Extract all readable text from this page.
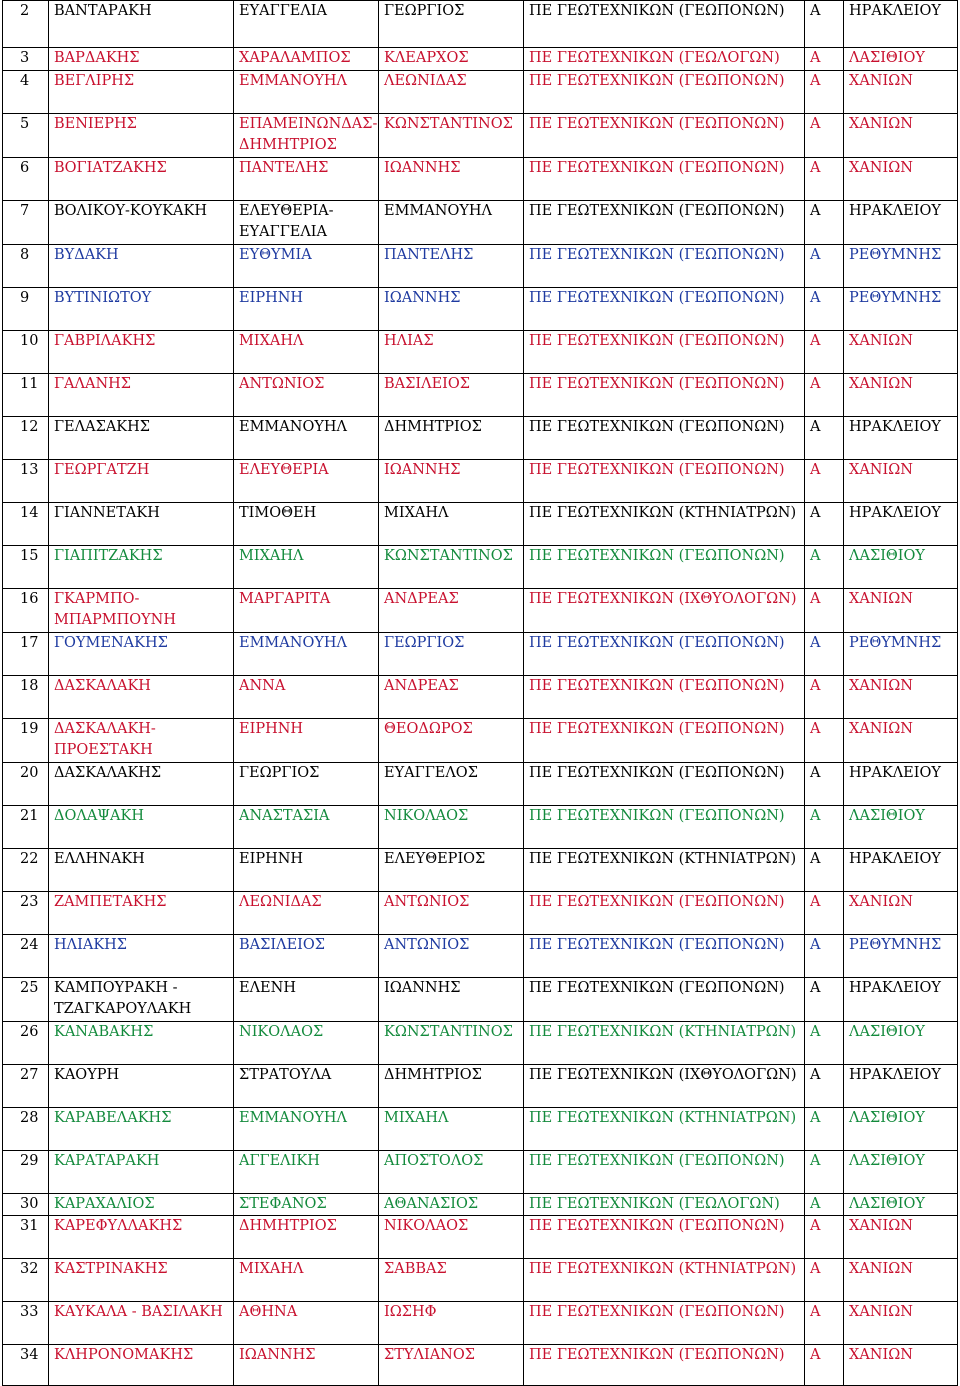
2	ΒΑΝΤΑΡΑΚΗ	ΕΥΑΓΓΕΛΙΑ	ΓΕΩΡΓΙΟΣ	ΠΕ ΓΕΩΤΕΧΝΙΚΩΝ (ΓΕΩΠΟΝΩΝ)	Α	ΗΡΑΚΛΕΙΟΥ
3	ΒΑΡΔΑΚΗΣ	ΧΑΡΑΛΑΜΠΟΣ	ΚΛΕΑΡΧΟΣ	ΠΕ ΓΕΩΤΕΧΝΙΚΩΝ (ΓΕΩΛΟΓΩΝ)	Α	ΛΑΣΙΘΙΟΥ
4	ΒΕΓΛΙΡΗΣ	ΕΜΜΑΝΟΥΗΛ	ΛΕΩΝΙΔΑΣ	ΠΕ ΓΕΩΤΕΧΝΙΚΩΝ (ΓΕΩΠΟΝΩΝ)	Α	ΧΑΝΙΩΝ
5	ΒΕΝΙΕΡΗΣ	ΕΠΑΜΕΙΝΩΝΔΑΣ-ΔΗΜΗΤΡΙΟΣ	ΚΩΝΣΤΑΝΤΙΝΟΣ	ΠΕ ΓΕΩΤΕΧΝΙΚΩΝ (ΓΕΩΠΟΝΩΝ)	Α	ΧΑΝΙΩΝ
6	ΒΟΓΙΑΤΖΑΚΗΣ	ΠΑΝΤΕΛΗΣ	ΙΩΑΝΝΗΣ	ΠΕ ΓΕΩΤΕΧΝΙΚΩΝ (ΓΕΩΠΟΝΩΝ)	Α	ΧΑΝΙΩΝ
7	ΒΟΛΙΚΟΥ-ΚΟΥΚΑΚΗ	ΕΛΕΥΘΕΡΙΑ-ΕΥΑΓΓΕΛΙΑ	ΕΜΜΑΝΟΥΗΛ	ΠΕ ΓΕΩΤΕΧΝΙΚΩΝ (ΓΕΩΠΟΝΩΝ)	Α	ΗΡΑΚΛΕΙΟΥ
8	ΒΥΔΑΚΗ	ΕΥΘΥΜΙΑ	ΠΑΝΤΕΛΗΣ	ΠΕ ΓΕΩΤΕΧΝΙΚΩΝ (ΓΕΩΠΟΝΩΝ)	Α	ΡΕΘΥΜΝΗΣ
9	ΒΥΤΙΝΙΩΤΟΥ	ΕΙΡΗΝΗ	ΙΩΑΝΝΗΣ	ΠΕ ΓΕΩΤΕΧΝΙΚΩΝ (ΓΕΩΠΟΝΩΝ)	Α	ΡΕΘΥΜΝΗΣ
10	ΓΑΒΡΙΛΑΚΗΣ	ΜΙΧΑΗΛ	ΗΛΙΑΣ	ΠΕ ΓΕΩΤΕΧΝΙΚΩΝ (ΓΕΩΠΟΝΩΝ)	Α	ΧΑΝΙΩΝ
11	ΓΑΛΑΝΗΣ	ΑΝΤΩΝΙΟΣ	ΒΑΣΙΛΕΙΟΣ	ΠΕ ΓΕΩΤΕΧΝΙΚΩΝ (ΓΕΩΠΟΝΩΝ)	Α	ΧΑΝΙΩΝ
12	ΓΕΛΑΣΑΚΗΣ	ΕΜΜΑΝΟΥΗΛ	ΔΗΜΗΤΡΙΟΣ	ΠΕ ΓΕΩΤΕΧΝΙΚΩΝ (ΓΕΩΠΟΝΩΝ)	Α	ΗΡΑΚΛΕΙΟΥ
13	ΓΕΩΡΓΑΤΖΗ	ΕΛΕΥΘΕΡΙΑ	ΙΩΑΝΝΗΣ	ΠΕ ΓΕΩΤΕΧΝΙΚΩΝ (ΓΕΩΠΟΝΩΝ)	Α	ΧΑΝΙΩΝ
14	ΓΙΑΝΝΕΤΑΚΗ	ΤΙΜΟΘΕΗ	ΜΙΧΑΗΛ	ΠΕ ΓΕΩΤΕΧΝΙΚΩΝ (ΚΤΗΝΙΑΤΡΩΝ)	Α	ΗΡΑΚΛΕΙΟΥ
15	ΓΙΑΠΙΤΖΑΚΗΣ	ΜΙΧΑΗΛ	ΚΩΝΣΤΑΝΤΙΝΟΣ	ΠΕ ΓΕΩΤΕΧΝΙΚΩΝ (ΓΕΩΠΟΝΩΝ)	Α	ΛΑΣΙΘΙΟΥ
16	ΓΚΑΡΜΠΟ-ΜΠΑΡΜΠΟΥΝΗ	ΜΑΡΓΑΡΙΤΑ	ΑΝΔΡΕΑΣ	ΠΕ ΓΕΩΤΕΧΝΙΚΩΝ (ΙΧΘΥΟΛΟΓΩΝ)	Α	ΧΑΝΙΩΝ
17	ΓΟΥΜΕΝΑΚΗΣ	ΕΜΜΑΝΟΥΗΛ	ΓΕΩΡΓΙΟΣ	ΠΕ ΓΕΩΤΕΧΝΙΚΩΝ (ΓΕΩΠΟΝΩΝ)	Α	ΡΕΘΥΜΝΗΣ
18	ΔΑΣΚΑΛΑΚΗ	ΑΝΝΑ	ΑΝΔΡΕΑΣ	ΠΕ ΓΕΩΤΕΧΝΙΚΩΝ (ΓΕΩΠΟΝΩΝ)	Α	ΧΑΝΙΩΝ
19	ΔΑΣΚΑΛΑΚΗ-ΠΡΟΕΣΤΑΚΗ	ΕΙΡΗΝΗ	ΘΕΟΔΩΡΟΣ	ΠΕ ΓΕΩΤΕΧΝΙΚΩΝ (ΓΕΩΠΟΝΩΝ)	Α	ΧΑΝΙΩΝ
20	ΔΑΣΚΑΛΑΚΗΣ	ΓΕΩΡΓΙΟΣ	ΕΥΑΓΓΕΛΟΣ	ΠΕ ΓΕΩΤΕΧΝΙΚΩΝ (ΓΕΩΠΟΝΩΝ)	Α	ΗΡΑΚΛΕΙΟΥ
21	ΔΟΛΑΨΑΚΗ	ΑΝΑΣΤΑΣΙΑ	ΝΙΚΟΛΑΟΣ	ΠΕ ΓΕΩΤΕΧΝΙΚΩΝ (ΓΕΩΠΟΝΩΝ)	Α	ΛΑΣΙΘΙΟΥ
22	ΕΛΛΗΝΑΚΗ	ΕΙΡΗΝΗ	ΕΛΕΥΘΕΡΙΟΣ	ΠΕ ΓΕΩΤΕΧΝΙΚΩΝ (ΚΤΗΝΙΑΤΡΩΝ)	Α	ΗΡΑΚΛΕΙΟΥ
23	ΖΑΜΠΕΤΑΚΗΣ	ΛΕΩΝΙΔΑΣ	ΑΝΤΩΝΙΟΣ	ΠΕ ΓΕΩΤΕΧΝΙΚΩΝ (ΓΕΩΠΟΝΩΝ)	Α	ΧΑΝΙΩΝ
24	ΗΛΙΑΚΗΣ	ΒΑΣΙΛΕΙΟΣ	ΑΝΤΩΝΙΟΣ	ΠΕ ΓΕΩΤΕΧΝΙΚΩΝ (ΓΕΩΠΟΝΩΝ)	Α	ΡΕΘΥΜΝΗΣ
25	ΚΑΜΠΟΥΡΑΚΗ - ΤΖΑΓΚΑΡΟΥΛΑΚΗ	ΕΛΕΝΗ	ΙΩΑΝΝΗΣ	ΠΕ ΓΕΩΤΕΧΝΙΚΩΝ (ΓΕΩΠΟΝΩΝ)	Α	ΗΡΑΚΛΕΙΟΥ
26	ΚΑΝΑΒΑΚΗΣ	ΝΙΚΟΛΑΟΣ	ΚΩΝΣΤΑΝΤΙΝΟΣ	ΠΕ ΓΕΩΤΕΧΝΙΚΩΝ (ΚΤΗΝΙΑΤΡΩΝ)	Α	ΛΑΣΙΘΙΟΥ
27	ΚΑΟΥΡΗ	ΣΤΡΑΤΟΥΛΑ	ΔΗΜΗΤΡΙΟΣ	ΠΕ ΓΕΩΤΕΧΝΙΚΩΝ (ΙΧΘΥΟΛΟΓΩΝ)	Α	ΗΡΑΚΛΕΙΟΥ
28	ΚΑΡΑΒΕΛΑΚΗΣ	ΕΜΜΑΝΟΥΗΛ	ΜΙΧΑΗΛ	ΠΕ ΓΕΩΤΕΧΝΙΚΩΝ (ΚΤΗΝΙΑΤΡΩΝ)	Α	ΛΑΣΙΘΙΟΥ
29	ΚΑΡΑΤΑΡΑΚΗ	ΑΓΓΕΛΙΚΗ	ΑΠΟΣΤΟΛΟΣ	ΠΕ ΓΕΩΤΕΧΝΙΚΩΝ (ΓΕΩΠΟΝΩΝ)	Α	ΛΑΣΙΘΙΟΥ
30	ΚΑΡΑΧΑΛΙΟΣ	ΣΤΕΦΑΝΟΣ	ΑΘΑΝΑΣΙΟΣ	ΠΕ ΓΕΩΤΕΧΝΙΚΩΝ (ΓΕΩΛΟΓΩΝ)	Α	ΛΑΣΙΘΙΟΥ
31	ΚΑΡΕΦΥΛΛΑΚΗΣ	ΔΗΜΗΤΡΙΟΣ	ΝΙΚΟΛΑΟΣ	ΠΕ ΓΕΩΤΕΧΝΙΚΩΝ (ΓΕΩΠΟΝΩΝ)	Α	ΧΑΝΙΩΝ
32	ΚΑΣΤΡΙΝΑΚΗΣ	ΜΙΧΑΗΛ	ΣΑΒΒΑΣ	ΠΕ ΓΕΩΤΕΧΝΙΚΩΝ (ΚΤΗΝΙΑΤΡΩΝ)	Α	ΧΑΝΙΩΝ
33	ΚΑΥΚΑΛΑ - ΒΑΣΙΛΑΚΗ	ΑΘΗΝΑ	ΙΩΣΗΦ	ΠΕ ΓΕΩΤΕΧΝΙΚΩΝ (ΓΕΩΠΟΝΩΝ)	Α	ΧΑΝΙΩΝ
34	ΚΛΗΡΟΝΟΜΑΚΗΣ	ΙΩΑΝΝΗΣ	ΣΤΥΛΙΑΝΟΣ	ΠΕ ΓΕΩΤΕΧΝΙΚΩΝ (ΓΕΩΠΟΝΩΝ)	Α	ΧΑΝΙΩΝ
